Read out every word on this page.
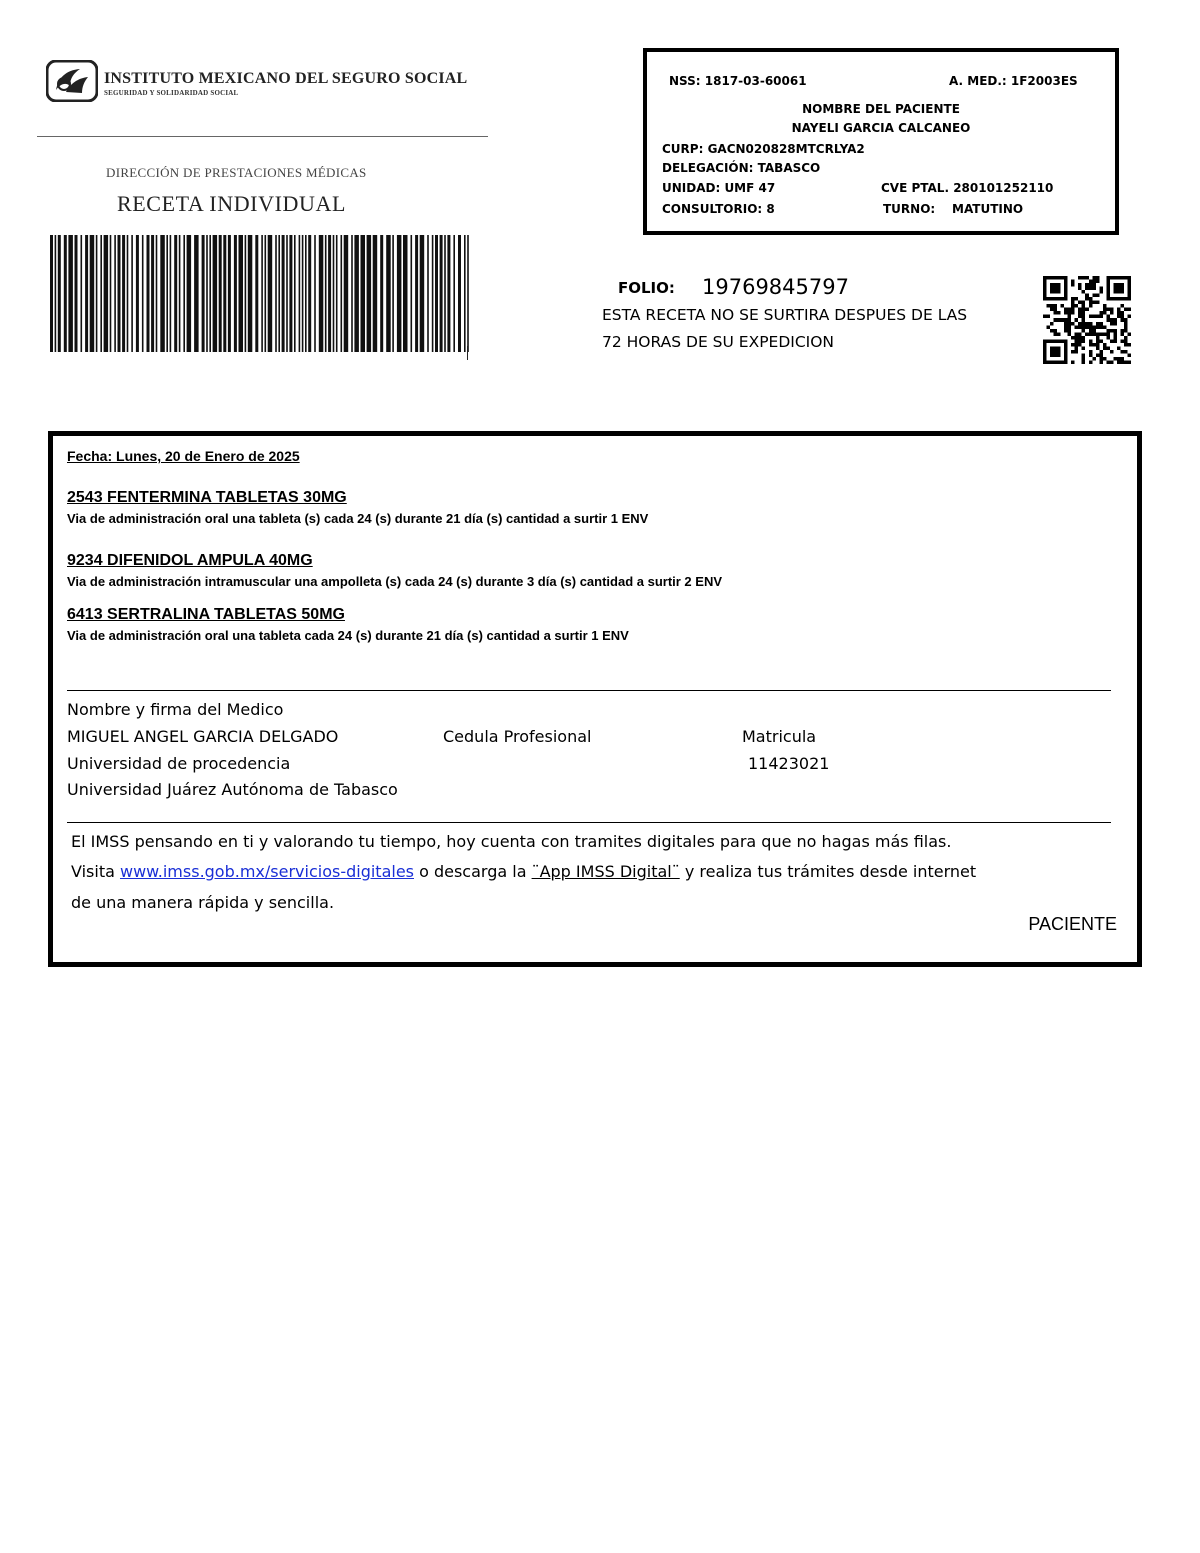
INSTITUTO MEXICANO DEL SEGURO SOCIAL
SEGURIDAD Y SOLIDARIDAD SOCIAL
DIRECCIÓN DE PRESTACIONES MÉDICAS
RECETA INDIVIDUAL
NSS: 1817-03-60061	A. MED.: 1F2003ES
NOMBRE DEL PACIENTE
NAYELI GARCIA CALCANEO
CURP: GACN020828MTCRLYA2
DELEGACIÓN: TABASCO
UNIDAD: UMF 47	CVE PTAL. 280101252110
CONSULTORIO: 8	TURNO: MATUTINO
FOLIO: 19769845797
ESTA RECETA NO SE SURTIRA DESPUES DE LAS
72 HORAS DE SU EXPEDICION
Fecha: Lunes, 20 de Enero de 2025
2543 FENTERMINA TABLETAS 30MG
Via de administración oral una tableta (s) cada 24 (s) durante 21 día (s) cantidad a surtir 1 ENV
9234 DIFENIDOL AMPULA 40MG
Via de administración intramuscular una ampolleta (s) cada 24 (s) durante 3 día (s) cantidad a surtir 2 ENV
6413 SERTRALINA TABLETAS 50MG
Via de administración oral una tableta cada 24 (s) durante 21 día (s) cantidad a surtir 1 ENV
Nombre y firma del Medico
MIGUEL ANGEL GARCIA DELGADO	Cedula Profesional	Matricula
Universidad de procedencia	11423021
Universidad Juárez Autónoma de Tabasco
El IMSS pensando en ti y valorando tu tiempo, hoy cuenta con tramites digitales para que no hagas más filas.
Visita www.imss.gob.mx/servicios-digitales o descarga la ¨App IMSS Digital¨ y realiza tus trámites desde internet
de una manera rápida y sencilla.
PACIENTE
